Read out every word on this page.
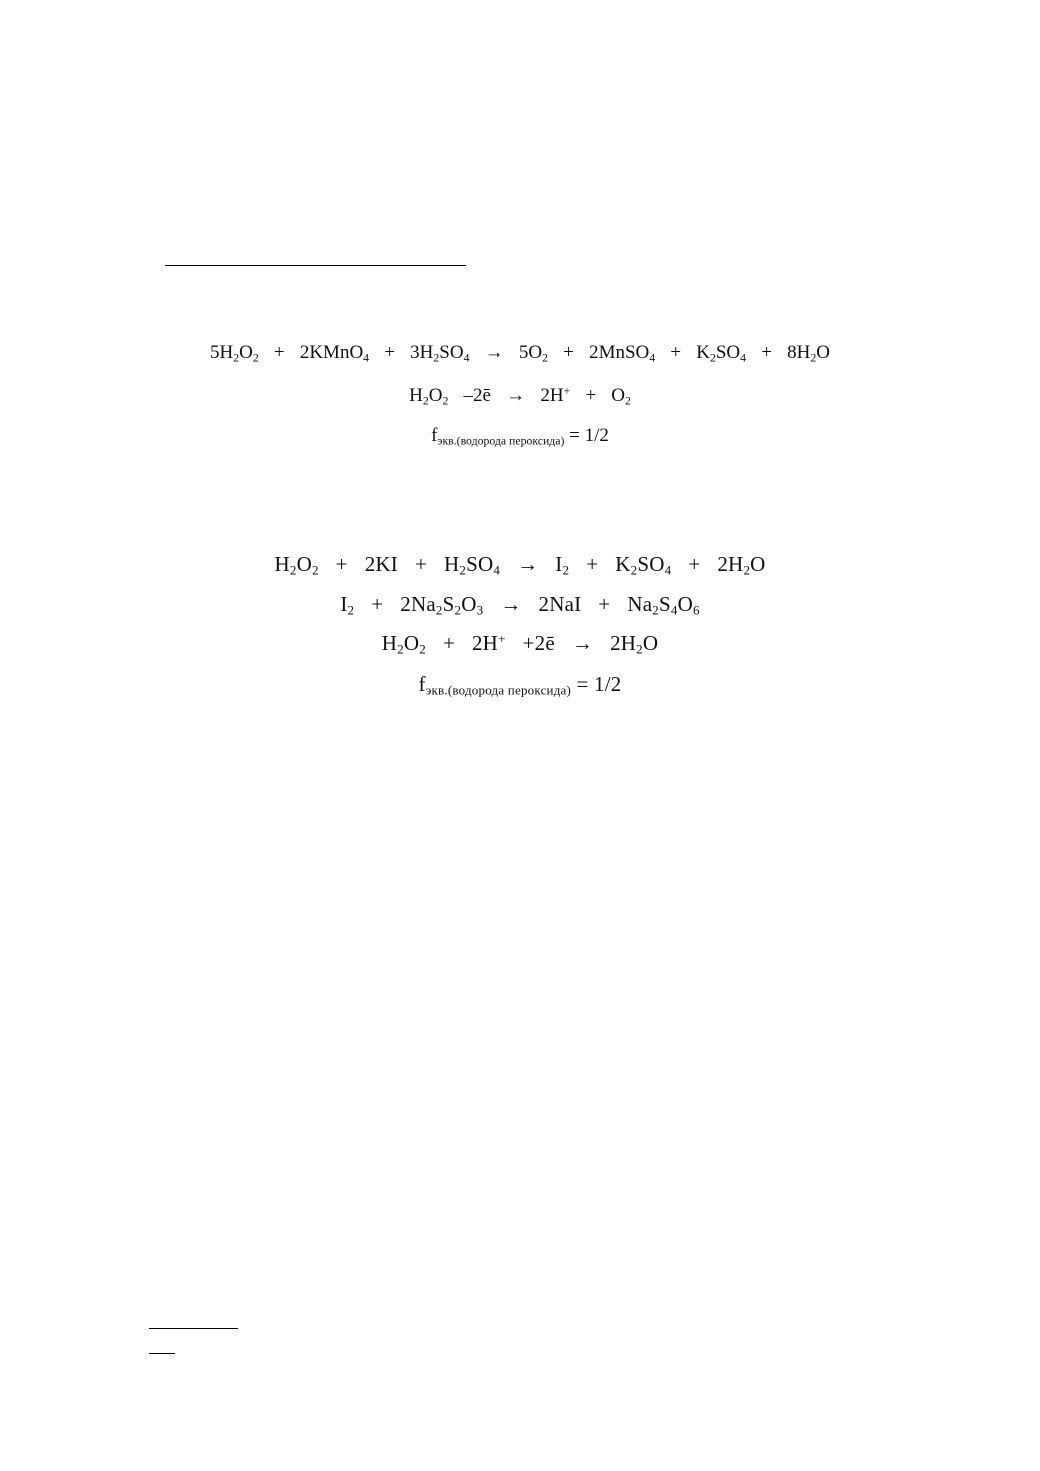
$5H_2O_2$ + 2KMnO$_4$ + $3H_2SO_4 \to 5O_2$ + 2MnSO$_4$ + $K_2SO_4 + 8H_2O$
$H_2O_2$ –2ē → $2H^+ + O_2$
$f_{экв.(водорода пероксида)} = 1/2$
$H_2O_2 + 2KI + H_2SO_4 \to I_2 + K_2SO_4 + 2H_2O$
$I_2 + 2Na_2S_2O_3 \to 2NaI + Na_2S_4O_6$
$H_2O_2 + 2H^+$ +2ē → $2H_2O$
$f_{экв.(водорода пероксида)} = 1/2$
